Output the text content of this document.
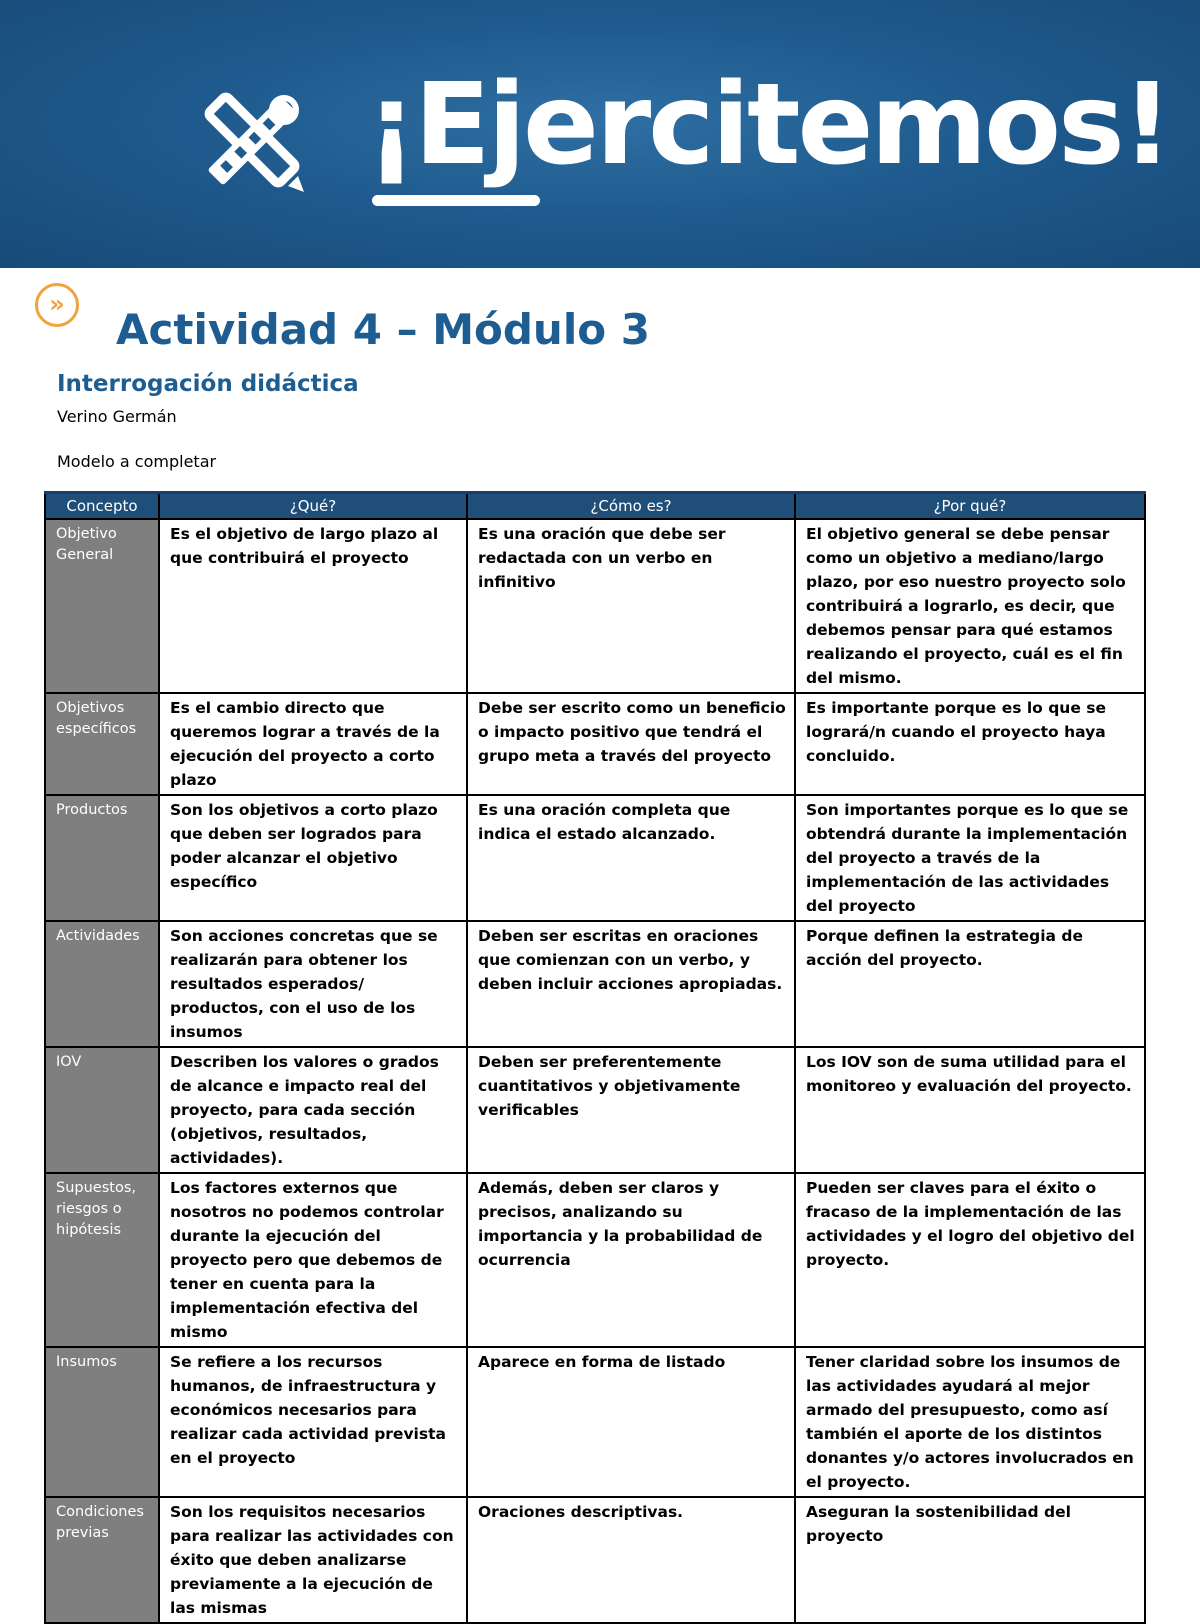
¡Ejercitemos!
»
Actividad 4 – Módulo 3
Interrogación didáctica
Verino Germán
Modelo a completar
Concepto	¿Qué?	¿Cómo es?	¿Por qué?
Objetivo General	Es el objetivo de largo plazo al que contribuirá el proyecto	Es una oración que debe ser redactada con un verbo en infinitivo	El objetivo general se debe pensar como un objetivo a mediano/largo plazo, por eso nuestro proyecto solo contribuirá a lograrlo, es decir, que debemos pensar para qué estamos realizando el proyecto, cuál es el fin del mismo.
Objetivos específicos	Es el cambio directo que queremos lograr a través de la ejecución del proyecto a corto plazo	Debe ser escrito como un beneficio o impacto positivo que tendrá el grupo meta a través del proyecto	Es importante porque es lo que se logrará/n cuando el proyecto haya concluido.
Productos	Son los objetivos a corto plazo que deben ser logrados para poder alcanzar el objetivo específico	Es una oración completa que indica el estado alcanzado.	Son importantes porque es lo que se obtendrá durante la implementación del proyecto a través de la implementación de las actividades del proyecto
Actividades	Son acciones concretas que se realizarán para obtener los resultados esperados/ productos, con el uso de los insumos	Deben ser escritas en oraciones que comienzan con un verbo, y deben incluir acciones apropiadas.	Porque definen la estrategia de acción del proyecto.
IOV	Describen los valores o grados de alcance e impacto real del proyecto, para cada sección (objetivos, resultados, actividades).	Deben ser preferentemente cuantitativos y objetivamente verificables	Los IOV son de suma utilidad para el monitoreo y evaluación del proyecto.
Supuestos, riesgos o hipótesis	Los factores externos que nosotros no podemos controlar durante la ejecución del proyecto pero que debemos de tener en cuenta para la implementación efectiva del mismo	Además, deben ser claros y precisos, analizando su importancia y la probabilidad de ocurrencia	Pueden ser claves para el éxito o fracaso de la implementación de las actividades y el logro del objetivo del proyecto.
Insumos	Se refiere a los recursos humanos, de infraestructura y económicos necesarios para realizar cada actividad prevista en el proyecto	Aparece en forma de listado	Tener claridad sobre los insumos de las actividades ayudará al mejor armado del presupuesto, como así también el aporte de los distintos donantes y/o actores involucrados en el proyecto.
Condiciones previas	Son los requisitos necesarios para realizar las actividades con éxito que deben analizarse previamente a la ejecución de las mismas	Oraciones descriptivas.	Aseguran la sostenibilidad del proyecto
